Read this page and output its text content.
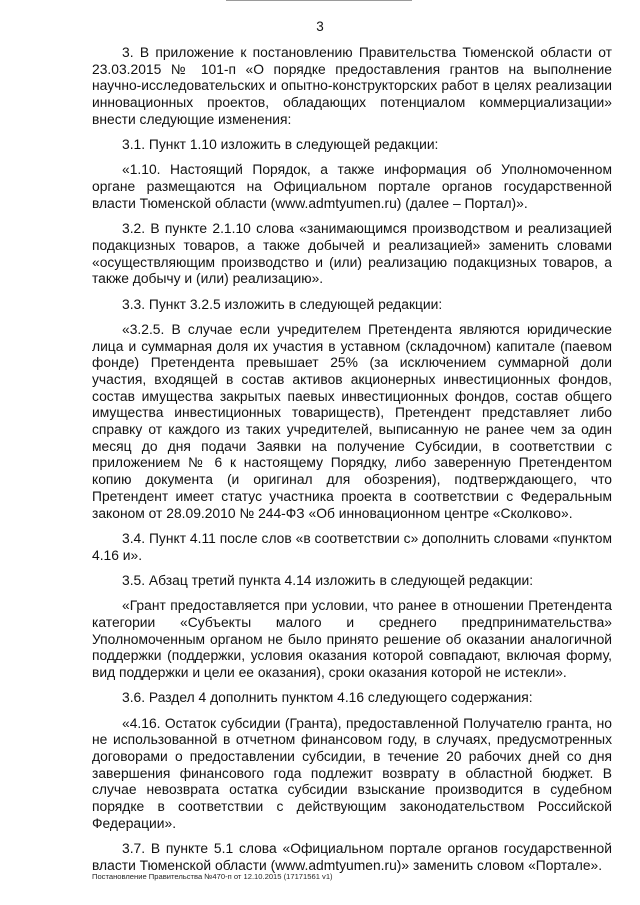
3

3. В приложение к постановлению Правительства Тюменской области от 23.03.2015 № 101-п «О порядке предоставления грантов на выполнение научно-исследовательских и опытно-конструкторских работ в целях реализации инновационных проектов, обладающих потенциалом коммерциализации» внести следующие изменения:

3.1. Пункт 1.10 изложить в следующей редакции:

«1.10. Настоящий Порядок, а также информация об Уполномоченном органе размещаются на Официальном портале органов государственной власти Тюменской области (www.admtyumen.ru) (далее – Портал)».

3.2. В пункте 2.1.10 слова «занимающимся производством и реализацией подакцизных товаров, а также добычей и реализацией» заменить словами «осуществляющим производство и (или) реализацию подакцизных товаров, а также добычу и (или) реализацию».

3.3. Пункт 3.2.5 изложить в следующей редакции:

«3.2.5. В случае если учредителем Претендента являются юридические лица и суммарная доля их участия в уставном (складочном) капитале (паевом фонде) Претендента превышает 25% (за исключением суммарной доли участия, входящей в состав активов акционерных инвестиционных фондов, состав имущества закрытых паевых инвестиционных фондов, состав общего имущества инвестиционных товариществ), Претендент представляет либо справку от каждого из таких учредителей, выписанную не ранее чем за один месяц до дня подачи Заявки на получение Субсидии, в соответствии с приложением № 6 к настоящему Порядку, либо заверенную Претендентом копию документа (и оригинал для обозрения), подтверждающего, что Претендент имеет статус участника проекта в соответствии с Федеральным законом от 28.09.2010 № 244-ФЗ «Об инновационном центре «Сколково».

3.4. Пункт 4.11 после слов «в соответствии с» дополнить словами «пунктом 4.16 и».

3.5. Абзац третий пункта 4.14 изложить в следующей редакции:

«Грант предоставляется при условии, что ранее в отношении Претендента категории «Субъекты малого и среднего предпринимательства» Уполномоченным органом не было принято решение об оказании аналогичной поддержки (поддержки, условия оказания которой совпадают, включая форму, вид поддержки и цели ее оказания), сроки оказания которой не истекли».

3.6. Раздел 4 дополнить пунктом 4.16 следующего содержания:

«4.16. Остаток субсидии (Гранта), предоставленной Получателю гранта, но не использованной в отчетном финансовом году, в случаях, предусмотренных договорами о предоставлении субсидии, в течение 20 рабочих дней со дня завершения финансового года подлежит возврату в областной бюджет. В случае невозврата остатка субсидии взыскание производится в судебном порядке в соответствии с действующим законодательством Российской Федерации».

3.7. В пункте 5.1 слова «Официальном портале органов государственной власти Тюменской области (www.admtyumen.ru)» заменить словом «Портале».

Постановление Правительства №470-п от 12.10.2015 (17171561 v1)
